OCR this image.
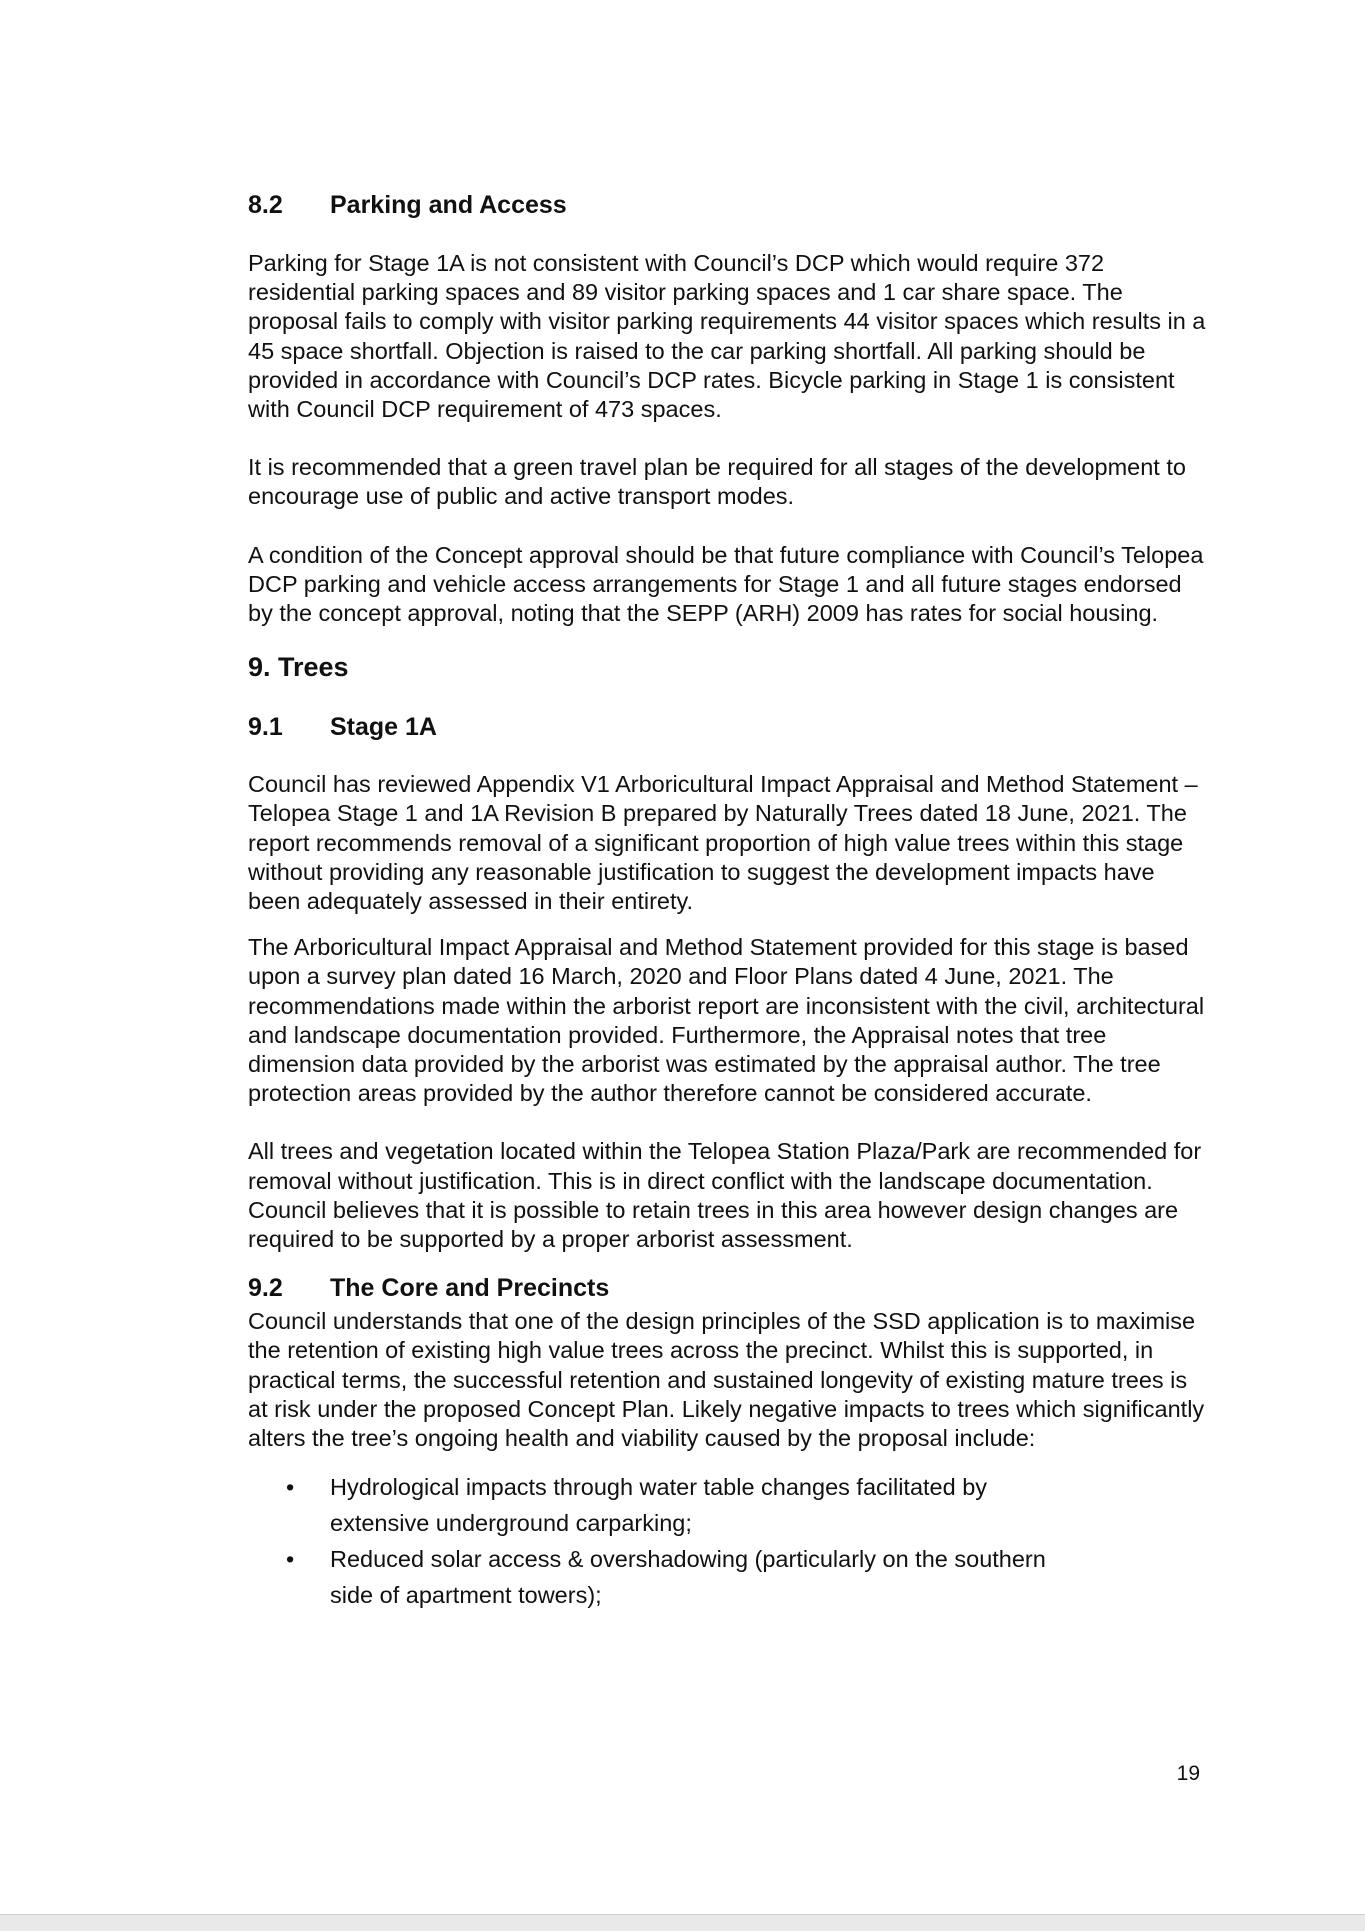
8.2	Parking and Access

Parking for Stage 1A is not consistent with Council’s DCP which would require 372 residential parking spaces and 89 visitor parking spaces and 1 car share space. The proposal fails to comply with visitor parking requirements 44 visitor spaces which results in a 45 space shortfall. Objection is raised to the car parking shortfall. All parking should be provided in accordance with Council’s DCP rates. Bicycle parking in Stage 1 is consistent with Council DCP requirement of 473 spaces.

It is recommended that a green travel plan be required for all stages of the development to encourage use of public and active transport modes.

A condition of the Concept approval should be that future compliance with Council’s Telopea DCP parking and vehicle access arrangements for Stage 1 and all future stages endorsed by the concept approval, noting that the SEPP (ARH) 2009 has rates for social housing.

9. Trees
9.1	Stage 1A

Council has reviewed Appendix V1 Arboricultural Impact Appraisal and Method Statement – Telopea Stage 1 and 1A Revision B prepared by Naturally Trees dated 18 June, 2021. The report recommends removal of a significant proportion of high value trees within this stage without providing any reasonable justification to suggest the development impacts have been adequately assessed in their entirety.

The Arboricultural Impact Appraisal and Method Statement provided for this stage is based upon a survey plan dated 16 March, 2020 and Floor Plans dated 4 June, 2021. The recommendations made within the arborist report are inconsistent with the civil, architectural and landscape documentation provided. Furthermore, the Appraisal notes that tree dimension data provided by the arborist was estimated by the appraisal author. The tree protection areas provided by the author therefore cannot be considered accurate.

All trees and vegetation located within the Telopea Station Plaza/Park are recommended for removal without justification. This is in direct conflict with the landscape documentation. Council believes that it is possible to retain trees in this area however design changes are required to be supported by a proper arborist assessment.

9.2	The Core and Precincts

Council understands that one of the design principles of the SSD application is to maximise the retention of existing high value trees across the precinct. Whilst this is supported, in practical terms, the successful retention and sustained longevity of existing mature trees is at risk under the proposed Concept Plan. Likely negative impacts to trees which significantly alters the tree’s ongoing health and viability caused by the proposal include:

• Hydrological impacts through water table changes facilitated by
extensive underground carparking;
• Reduced solar access & overshadowing (particularly on the southern
side of apartment towers);
19
